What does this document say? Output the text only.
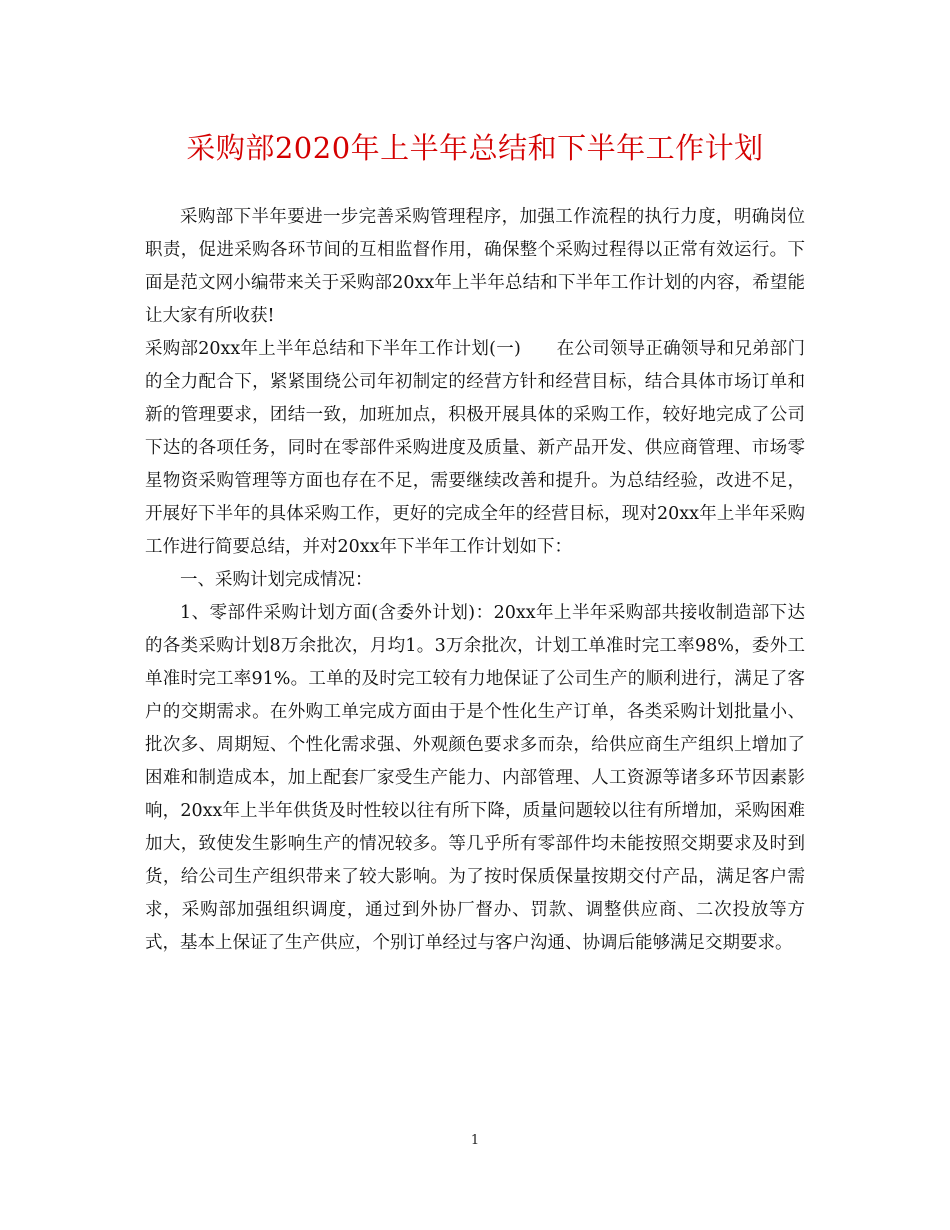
采购部2020年上半年总结和下半年工作计划

采购部下半年要进一步完善采购管理程序，加强工作流程的执行力度，明确岗位职责，促进采购各环节间的互相监督作用，确保整个采购过程得以正常有效运行。下面是范文网小编带来关于采购部20xx年上半年总结和下半年工作计划的内容，希望能让大家有所收获!

采购部20xx年上半年总结和下半年工作计划(一)　　在公司领导正确领导和兄弟部门的全力配合下，紧紧围绕公司年初制定的经营方针和经营目标，结合具体市场订单和新的管理要求，团结一致，加班加点，积极开展具体的采购工作，较好地完成了公司下达的各项任务，同时在零部件采购进度及质量、新产品开发、供应商管理、市场零星物资采购管理等方面也存在不足，需要继续改善和提升。为总结经验，改进不足，开展好下半年的具体采购工作，更好的完成全年的经营目标，现对20xx年上半年采购工作进行简要总结，并对20xx年下半年工作计划如下：

一、采购计划完成情况：

1、零部件采购计划方面(含委外计划)：20xx年上半年采购部共接收制造部下达的各类采购计划8万余批次，月均1。3万余批次，计划工单准时完工率98%，委外工单准时完工率91%。工单的及时完工较有力地保证了公司生产的顺利进行，满足了客户的交期需求。在外购工单完成方面由于是个性化生产订单，各类采购计划批量小、批次多、周期短、个性化需求强、外观颜色要求多而杂，给供应商生产组织上增加了困难和制造成本，加上配套厂家受生产能力、内部管理、人工资源等诸多环节因素影响，20xx年上半年供货及时性较以往有所下降，质量问题较以往有所增加，采购困难加大，致使发生影响生产的情况较多。等几乎所有零部件均未能按照交期要求及时到货，给公司生产组织带来了较大影响。为了按时保质保量按期交付产品，满足客户需求，采购部加强组织调度，通过到外协厂督办、罚款、调整供应商、二次投放等方式，基本上保证了生产供应，个别订单经过与客户沟通、协调后能够满足交期要求。

1
